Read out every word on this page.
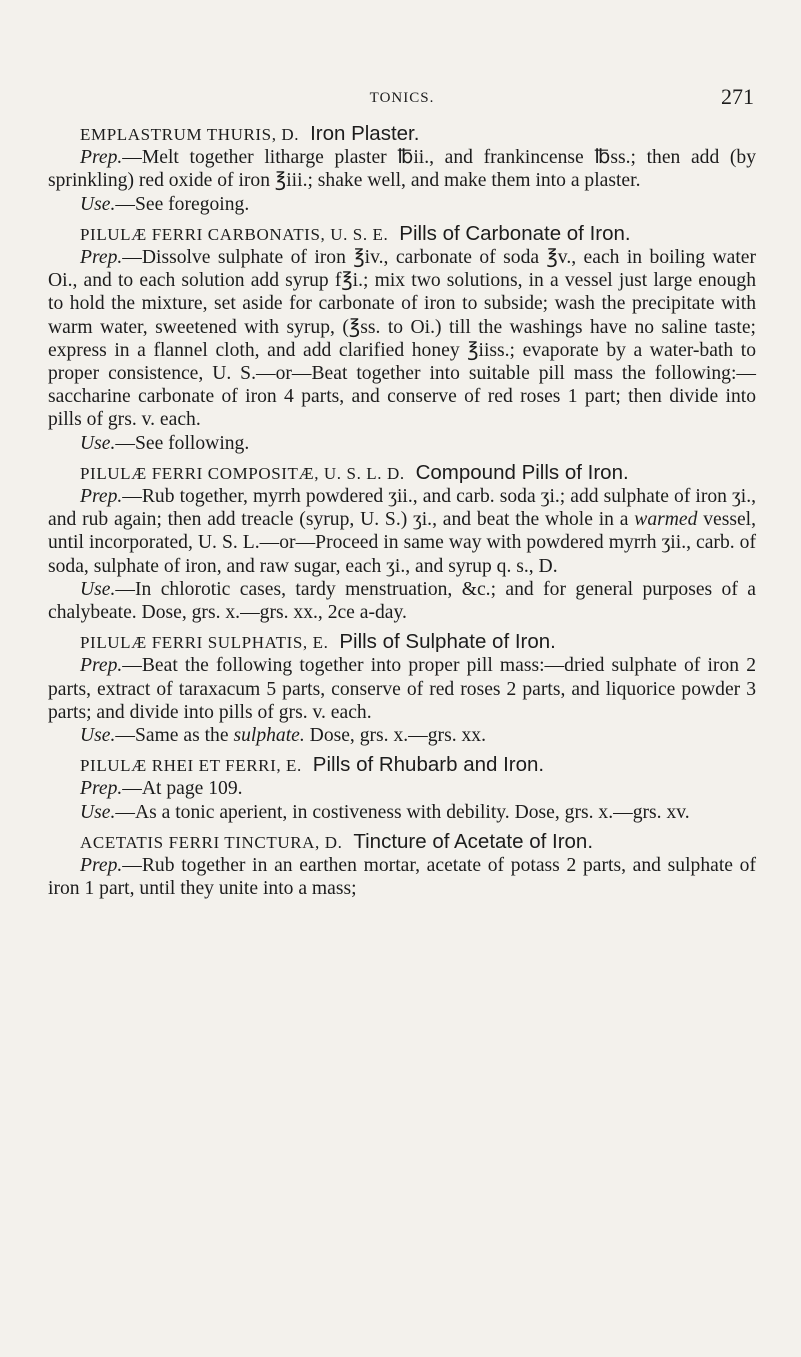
TONICS.	271

EMPLASTRUM THURIS, D. Iron Plaster.

Prep.—Melt together litharge plaster ℔ii., and frankincense ℔ss.; then add (by sprinkling) red oxide of iron ℥iii.; shake well, and make them into a plaster.

Use.—See foregoing.

PILULÆ FERRI CARBONATIS, U. S. E. Pills of Carbonate of Iron.

Prep.—Dissolve sulphate of iron ℥iv., carbonate of soda ℥v., each in boiling water Oi., and to each solution add syrup f℥i.; mix two solutions, in a vessel just large enough to hold the mixture, set aside for carbonate of iron to subside; wash the precipitate with warm water, sweetened with syrup, (℥ss. to Oi.) till the washings have no saline taste; express in a flannel cloth, and add clarified honey ℥iiss.; evaporate by a water-bath to proper consistence, U. S.—or—Beat together into suitable pill mass the following:—saccharine carbonate of iron 4 parts, and conserve of red roses 1 part; then divide into pills of grs. v. each.

Use.—See following.

PILULÆ FERRI COMPOSITÆ, U. S. L. D. Compound Pills of Iron.

Prep.—Rub together, myrrh powdered ʒii., and carb. soda ʒi.; add sulphate of iron ʒi., and rub again; then add treacle (syrup, U. S.) ʒi., and beat the whole in a warmed vessel, until incorporated, U. S. L.—or—Proceed in same way with powdered myrrh ʒii., carb. of soda, sulphate of iron, and raw sugar, each ʒi., and syrup q. s., D.

Use.—In chlorotic cases, tardy menstruation, &c.; and for general purposes of a chalybeate. Dose, grs. x.—grs. xx., 2ce a-day.

PILULÆ FERRI SULPHATIS, E. Pills of Sulphate of Iron.

Prep.—Beat the following together into proper pill mass:—dried sulphate of iron 2 parts, extract of taraxacum 5 parts, conserve of red roses 2 parts, and liquorice powder 3 parts; and divide into pills of grs. v. each.

Use.—Same as the sulphate. Dose, grs. x.—grs. xx.

PILULÆ RHEI ET FERRI, E. Pills of Rhubarb and Iron.

Prep.—At page 109.

Use.—As a tonic aperient, in costiveness with debility. Dose, grs. x.—grs. xv.

ACETATIS FERRI TINCTURA, D. Tincture of Acetate of Iron.

Prep.—Rub together in an earthen mortar, acetate of potass 2 parts, and sulphate of iron 1 part, until they unite into a mass;
